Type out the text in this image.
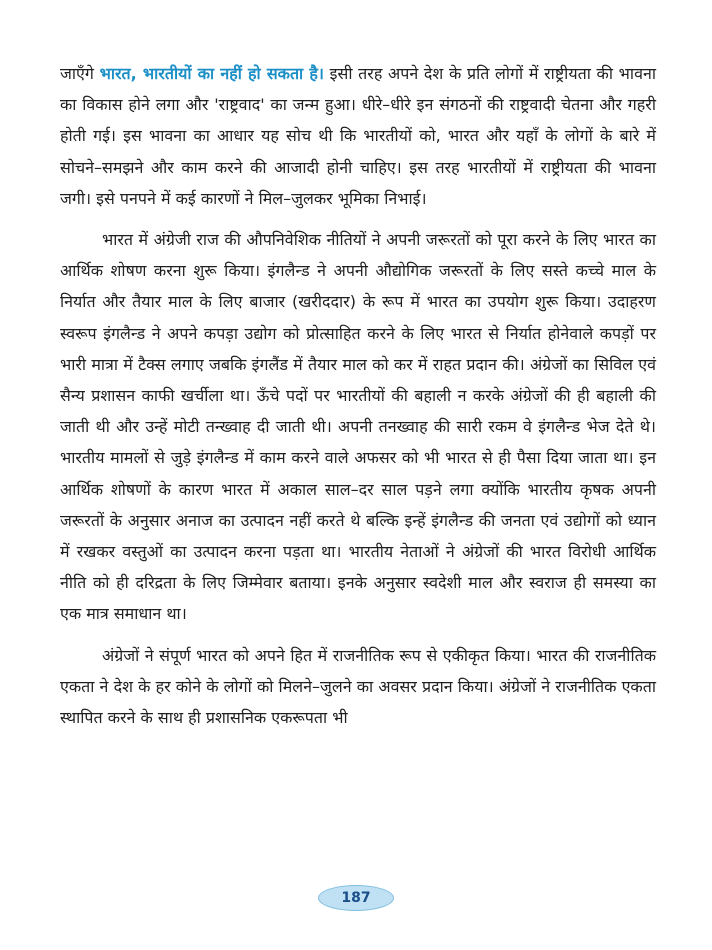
जाएँगे भारत, भारतीयों का नहीं हो सकता है। इसी तरह अपने देश के प्रति लोगों में राष्ट्रीयता की भावना का विकास होने लगा और 'राष्ट्रवाद' का जन्म हुआ। धीरे–धीरे इन संगठनों की राष्ट्रवादी चेतना और गहरी होती गई। इस भावना का आधार यह सोच थी कि भारतीयों को, भारत और यहाँ के लोगों के बारे में सोचने–समझने और काम करने की आजादी होनी चाहिए। इस तरह भारतीयों में राष्ट्रीयता की भावना जगी। इसे पनपने में कई कारणों ने मिल–जुलकर भूमिका निभाई।

भारत में अंग्रेजी राज की औपनिवेशिक नीतियों ने अपनी जरूरतों को पूरा करने के लिए भारत का आर्थिक शोषण करना शुरू किया। इंगलैन्ड ने अपनी औद्योगिक जरूरतों के लिए सस्ते कच्चे माल के निर्यात और तैयार माल के लिए बाजार (खरीददार) के रूप में भारत का उपयोग शुरू किया। उदाहरण स्वरूप इंगलैन्ड ने अपने कपड़ा उद्योग को प्रोत्साहित करने के लिए भारत से निर्यात होनेवाले कपड़ों पर भारी मात्रा में टैक्स लगाए जबकि इंगलैंड में तैयार माल को कर में राहत प्रदान की। अंग्रेजों का सिविल एवं सैन्य प्रशासन काफी खर्चीला था। ऊँचे पदों पर भारतीयों की बहाली न करके अंग्रेजों की ही बहाली की जाती थी और उन्हें मोटी तन्ख्वाह दी जाती थी। अपनी तनख्वाह की सारी रकम वे इंगलैन्ड भेज देते थे। भारतीय मामलों से जुड़े इंगलैन्ड में काम करने वाले अफसर को भी भारत से ही पैसा दिया जाता था। इन आर्थिक शोषणों के कारण भारत में अकाल साल–दर साल पड़ने लगा क्योंकि भारतीय कृषक अपनी जरूरतों के अनुसार अनाज का उत्पादन नहीं करते थे बल्कि इन्हें इंगलैन्ड की जनता एवं उद्योगों को ध्यान में रखकर वस्तुओं का उत्पादन करना पड़ता था। भारतीय नेताओं ने अंग्रेजों की भारत विरोधी आर्थिक नीति को ही दरिद्रता के लिए जिम्मेवार बताया। इनके अनुसार स्वदेशी माल और स्वराज ही समस्या का एक मात्र समाधान था।

अंग्रेजों ने संपूर्ण भारत को अपने हित में राजनीतिक रूप से एकीकृत किया। भारत की राजनीतिक एकता ने देश के हर कोने के लोगों को मिलने–जुलने का अवसर प्रदान किया। अंग्रेजों ने राजनीतिक एकता स्थापित करने के साथ ही प्रशासनिक एकरूपता भी

187
